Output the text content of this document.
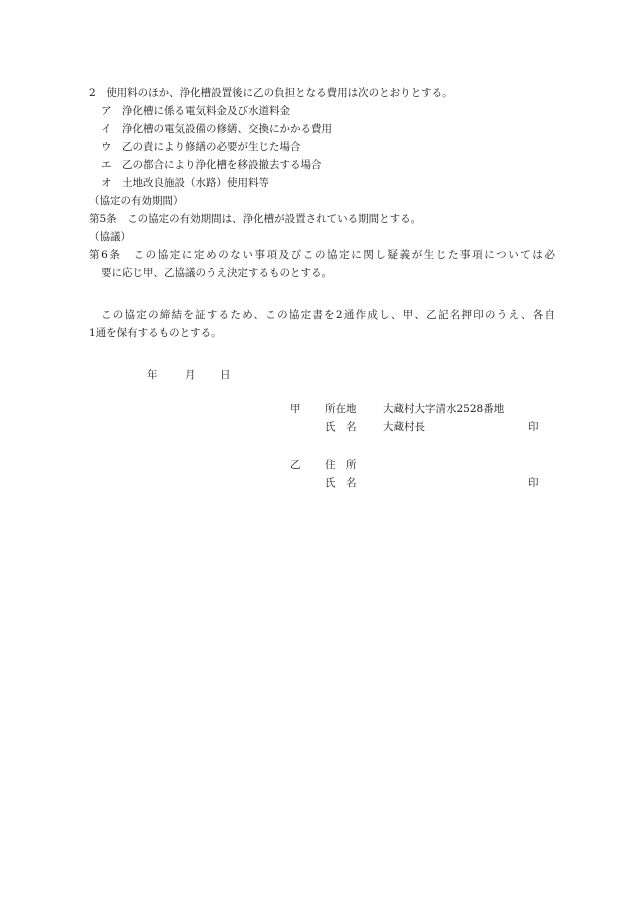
2　 使用料のほか、浄化槽設置後に乙の負担となる費用は次のとおりとする。
ア　 浄化槽に係る電気料金及び水道料金
イ　 浄化槽の電気設備の修繕、交換にかかる費用
ウ　 乙の責により修繕の必要が生じた場合
エ　 乙の都合により浄化槽を移設撤去する場合
オ　 土地改良施設（水路）使用料等
（協定の有効期間）
第5条　 この協定の有効期間は、浄化槽が設置されている期間とする。
（協議）
第6条　 この協定に定めのない事項及びこの協定に関し疑義が生じた事項については必
要に応じ甲、乙協議のうえ決定するものとする。
この協定の締結を証するため、この協定書を2通作成し、甲、乙記名押印のうえ、各自
1通を保有するものとする。
年	月 日
甲 所在地	大蔵村大字清水2528番地
氏　名	大蔵村長	印
乙 住　所
氏　名	印
